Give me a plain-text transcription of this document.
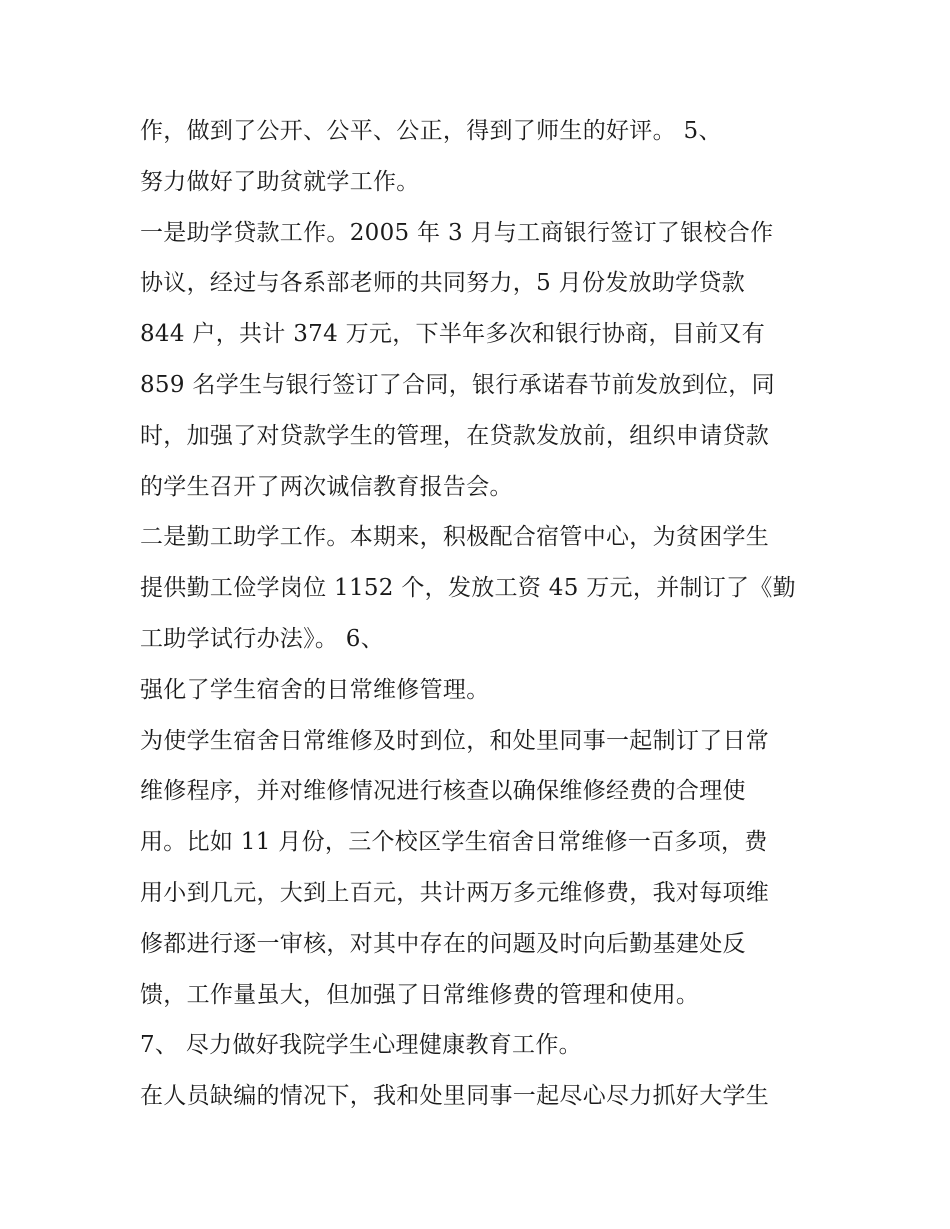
作，做到了公开、公平、公正，得到了师生的好评。 5、
努力做好了助贫就学工作。
一是助学贷款工作。2005 年 3 月与工商银行签订了银校合作
协议，经过与各系部老师的共同努力，5 月份发放助学贷款
844 户，共计 374 万元，下半年多次和银行协商，目前又有
859 名学生与银行签订了合同，银行承诺春节前发放到位，同
时，加强了对贷款学生的管理，在贷款发放前，组织申请贷款
的学生召开了两次诚信教育报告会。
二是勤工助学工作。本期来，积极配合宿管中心，为贫困学生
提供勤工俭学岗位 1152 个，发放工资 45 万元，并制订了《勤
工助学试行办法》。 6、
强化了学生宿舍的日常维修管理。
为使学生宿舍日常维修及时到位，和处里同事一起制订了日常
维修程序，并对维修情况进行核查以确保维修经费的合理使
用。比如 11 月份，三个校区学生宿舍日常维修一百多项，费
用小到几元，大到上百元，共计两万多元维修费，我对每项维
修都进行逐一审核，对其中存在的问题及时向后勤基建处反
馈，工作量虽大，但加强了日常维修费的管理和使用。
7、 尽力做好我院学生心理健康教育工作。
在人员缺编的情况下，我和处里同事一起尽心尽力抓好大学生
